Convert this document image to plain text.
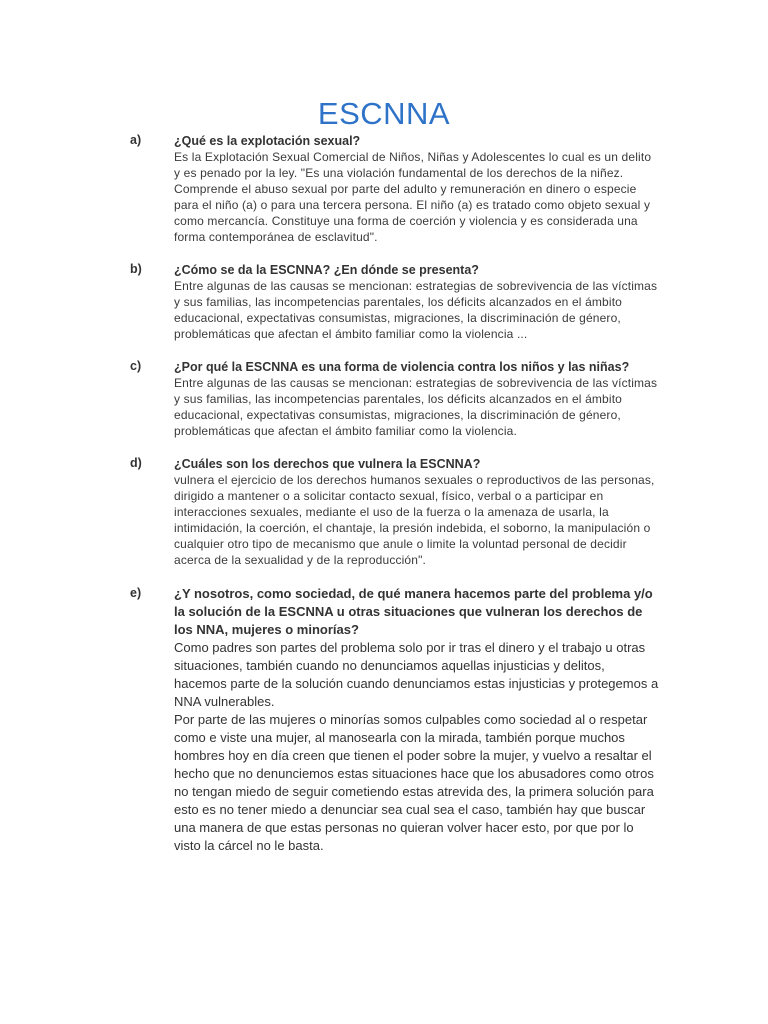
ESCNNA
a)	¿Qué es la explotación sexual?
Es la Explotación Sexual Comercial de Niños, Niñas y Adolescentes lo cual es un delito y es penado por la ley. "Es una violación fundamental de los derechos de la niñez. Comprende el abuso sexual por parte del adulto y remuneración en dinero o especie para el niño (a) o para una tercera persona. El niño (a) es tratado como objeto sexual y como mercancía. Constituye una forma de coerción y violencia y es considerada una forma contemporánea de esclavitud".
b)	¿Cómo se da la ESCNNA? ¿En dónde se presenta?
Entre algunas de las causas se mencionan: estrategias de sobrevivencia de las víctimas y sus familias, las incompetencias parentales, los déficits alcanzados en el ámbito educacional, expectativas consumistas, migraciones, la discriminación de género, problemáticas que afectan el ámbito familiar como la violencia ...
c)	¿Por qué la ESCNNA es una forma de violencia contra los niños y las niñas?
Entre algunas de las causas se mencionan: estrategias de sobrevivencia de las víctimas y sus familias, las incompetencias parentales, los déficits alcanzados en el ámbito educacional, expectativas consumistas, migraciones, la discriminación de género, problemáticas que afectan el ámbito familiar como la violencia.
d)	¿Cuáles son los derechos que vulnera la ESCNNA?
vulnera el ejercicio de los derechos humanos sexuales o reproductivos de las personas, dirigido a mantener o a solicitar contacto sexual, físico, verbal o a participar en interacciones sexuales, mediante el uso de la fuerza o la amenaza de usarla, la intimidación, la coerción, el chantaje, la presión indebida, el soborno, la manipulación o cualquier otro tipo de mecanismo que anule o limite la voluntad personal de decidir acerca de la sexualidad y de la reproducción".
e)	¿Y nosotros, como sociedad, de qué manera hacemos parte del problema y/o la solución de la ESCNNA u otras situaciones que vulneran los derechos de los NNA, mujeres o minorías?
Como padres son partes del problema solo por ir tras el dinero y el trabajo u otras situaciones, también cuando no denunciamos aquellas injusticias y delitos, hacemos parte de la solución cuando denunciamos estas injusticias y protegemos a NNA vulnerables.
Por parte de las mujeres o minorías somos culpables como sociedad al o respetar como e viste una mujer, al manosearla con la mirada, también porque muchos hombres hoy en día creen que tienen el poder sobre la mujer, y vuelvo a resaltar el hecho que no denunciemos estas situaciones hace que los abusadores como otros no tengan miedo de seguir cometiendo estas atrevida des, la primera solución para esto es no tener miedo a denunciar sea cual sea el caso, también hay que buscar una manera de que estas personas no quieran volver hacer esto, por que por lo visto la cárcel no le basta.
